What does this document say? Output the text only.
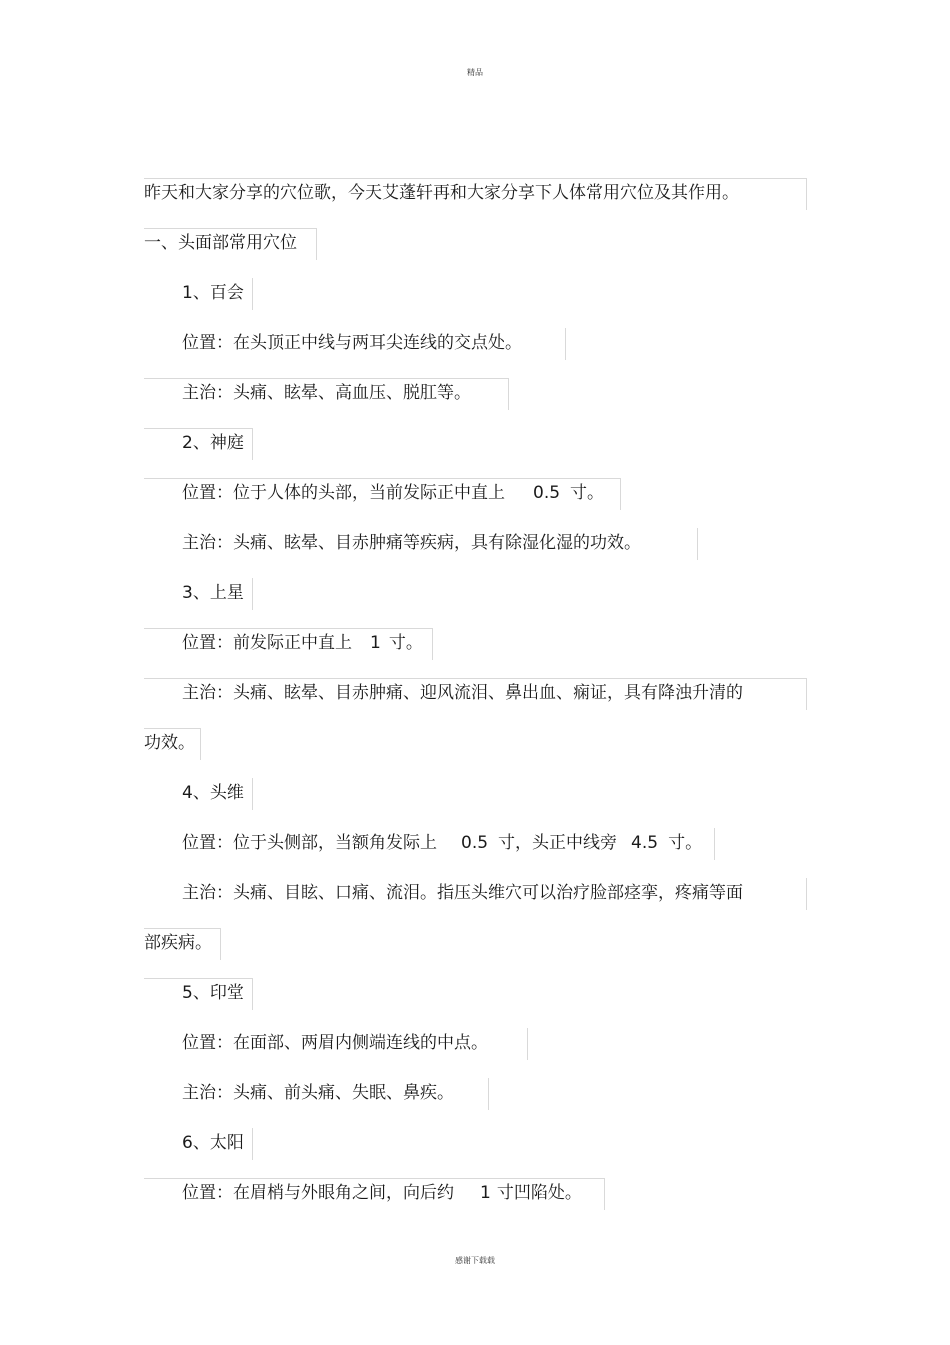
精品
昨天和大家分享的穴位歌，今天艾蓬轩再和大家分享下人体常用穴位及其作用。
一、头面部常用穴位
1、百会
位置：在头顶正中线与两耳尖连线的交点处。
主治：头痛、眩晕、高血压、脱肛等。
2、神庭
位置：位于人体的头部，当前发际正中直上 0.5 寸。
主治：头痛、眩晕、目赤肿痛等疾病，具有除湿化湿的功效。
3、上星
位置：前发际正中直上 1 寸。
主治：头痛、眩晕、目赤肿痛、迎风流泪、鼻出血、痫证，具有降浊升清的
功效。
4、头维
位置：位于头侧部，当额角发际上 0.5 寸，头正中线旁 4.5 寸。
主治：头痛、目眩、口痛、流泪。指压头维穴可以治疗脸部痉挛，疼痛等面
部疾病。
5、印堂
位置：在面部、两眉内侧端连线的中点。
主治：头痛、前头痛、失眠、鼻疾。
6、太阳
位置：在眉梢与外眼角之间，向后约 1 寸凹陷处。
感谢下载载
